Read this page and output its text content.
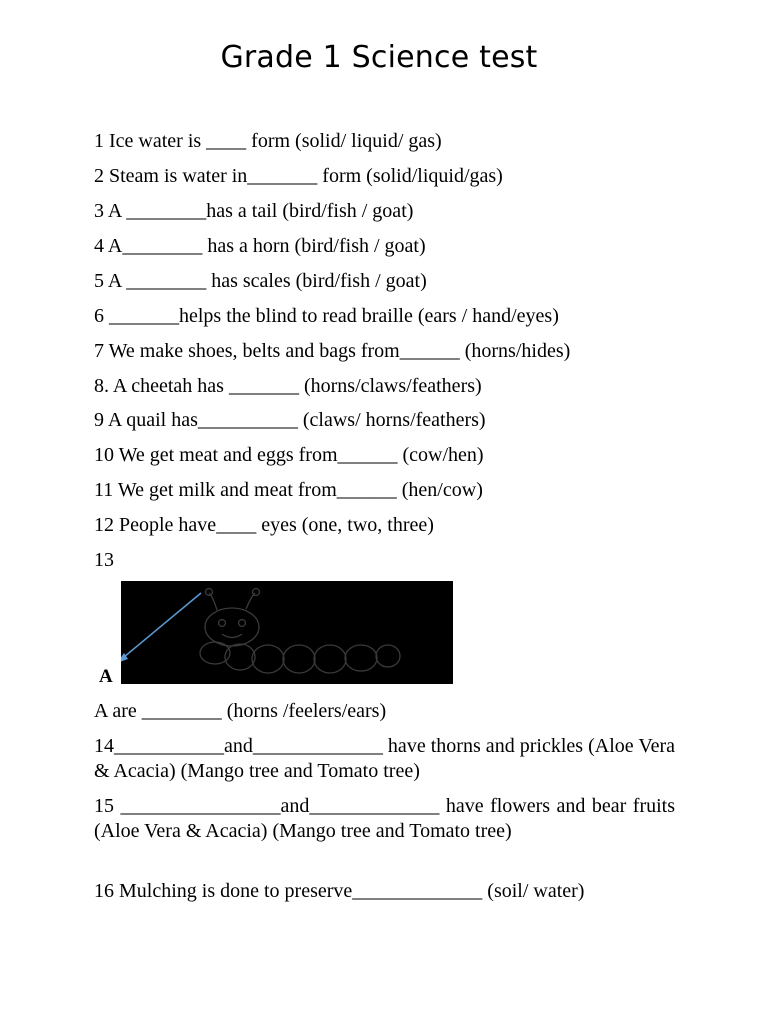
Grade 1 Science test
1 Ice water is ____ form (solid/ liquid/ gas)
2 Steam is water in_______ form (solid/liquid/gas)
3 A ________has a tail (bird/fish / goat)
4 A________ has a horn (bird/fish / goat)
5 A ________ has scales (bird/fish / goat)
6 _______helps the blind to read braille (ears / hand/eyes)
7 We make shoes, belts and bags from______ (horns/hides)
8. A cheetah has _______ (horns/claws/feathers)
9 A quail has__________ (claws/ horns/feathers)
10 We get meat and eggs from______ (cow/hen)
11 We get milk and meat from______ (hen/cow)
12 People have____ eyes (one, two, three)
13
A
A are ________ (horns /feelers/ears)
14___________and_____________ have thorns and prickles (Aloe Vera & Acacia) (Mango tree and Tomato tree)
15 ________________and_____________ have flowers and bear fruits (Aloe Vera & Acacia) (Mango tree and Tomato tree)
16 Mulching is done to preserve_____________ (soil/ water)
